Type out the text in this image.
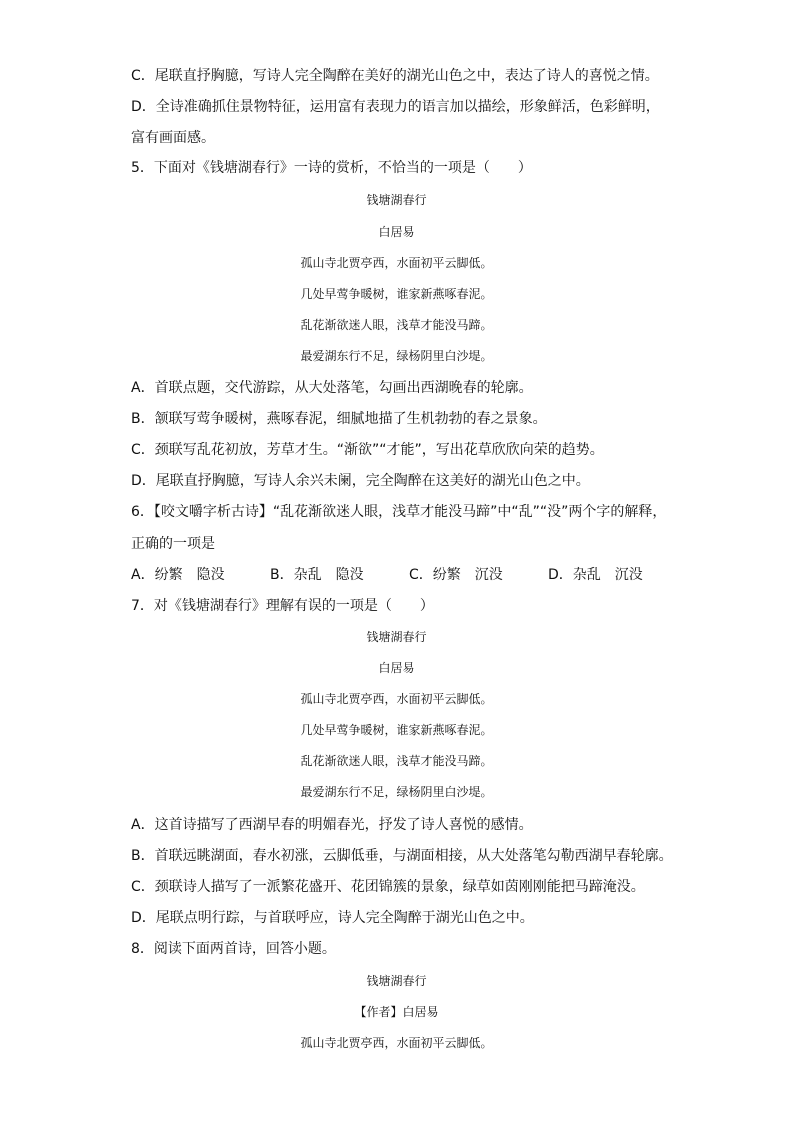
C．尾联直抒胸臆，写诗人完全陶醉在美好的湖光山色之中，表达了诗人的喜悦之情。
D．全诗准确抓住景物特征，运用富有表现力的语言加以描绘，形象鲜活，色彩鲜明，
富有画面感。
5．下面对《钱塘湖春行》一诗的赏析，不恰当的一项是（　　）
钱塘湖春行
白居易
孤山寺北贾亭西，水面初平云脚低。
几处早莺争暖树，谁家新燕啄春泥。
乱花渐欲迷人眼，浅草才能没马蹄。
最爱湖东行不足，绿杨阴里白沙堤。
A．首联点题，交代游踪，从大处落笔，勾画出西湖晚春的轮廓。
B．颔联写莺争暖树，燕啄春泥，细腻地描了生机勃勃的春之景象。
C．颈联写乱花初放，芳草才生。“渐欲”“才能”，写出花草欣欣向荣的趋势。
D．尾联直抒胸臆，写诗人余兴未阑，完全陶醉在这美好的湖光山色之中。
6．【咬文嚼字析古诗】“乱花渐欲迷人眼，浅草才能没马蹄”中“乱”“没”两个字的解释，
正确的一项是
A．纷繁　隐没	B．杂乱　隐没	C．纷繁　沉没	D．杂乱　沉没
7．对《钱塘湖春行》理解有误的一项是（　　）
钱塘湖春行
白居易
孤山寺北贾亭西，水面初平云脚低。
几处早莺争暖树，谁家新燕啄春泥。
乱花渐欲迷人眼，浅草才能没马蹄。
最爱湖东行不足，绿杨阴里白沙堤。
A．这首诗描写了西湖早春的明媚春光，抒发了诗人喜悦的感情。
B．首联远眺湖面，春水初涨，云脚低垂，与湖面相接，从大处落笔勾勒西湖早春轮廓。
C．颈联诗人描写了一派繁花盛开、花团锦簇的景象，绿草如茵刚刚能把马蹄淹没。
D．尾联点明行踪，与首联呼应，诗人完全陶醉于湖光山色之中。
8．阅读下面两首诗，回答小题。
钱塘湖春行
【作者】白居易
孤山寺北贾亭西，水面初平云脚低。
